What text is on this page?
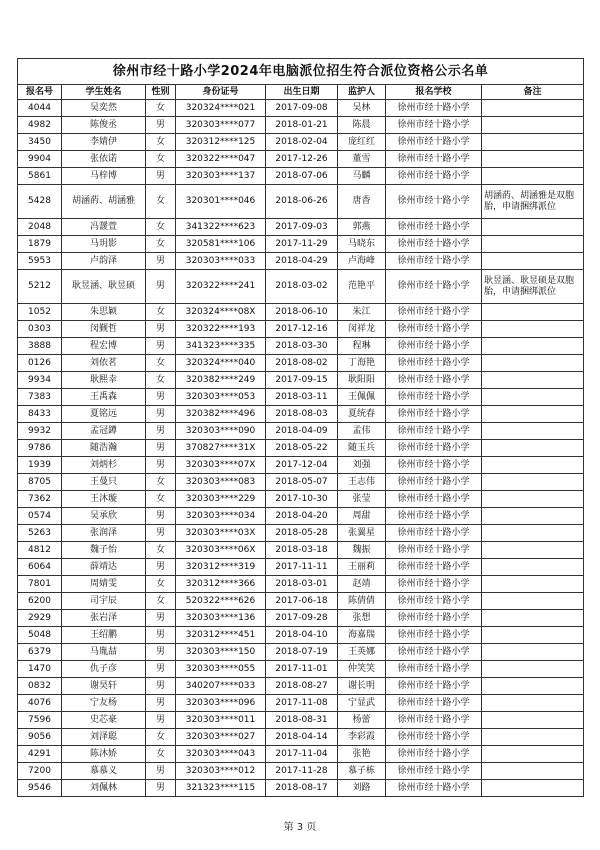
徐州市经十路小学2024年电脑派位招生符合派位资格公示名单							
报名号	学生姓名	性别	身份证号	出生日期	监护人	报名学校	备注
4044	吴奕然	女	320324****021	2017-09-08	吴林	徐州市经十路小学	
4982	陈俊丞	男	320303****077	2018-01-21	陈晨	徐州市经十路小学	
3450	李婧伊	女	320312****125	2018-02-04	庞红红	徐州市经十路小学	
9904	张依诺	女	320322****047	2017-12-26	董雪	徐州市经十路小学	
5861	马梓博	男	320303****137	2018-07-06	马麟	徐州市经十路小学	
5428	胡涵菂、胡涵雅	女	320301****046	2018-06-26	唐香	徐州市经十路小学	胡涵菂、胡涵雅是双胞胎，申请捆绑派位
2048	冯靉萱	女	341322****623	2017-09-03	郭燕	徐州市经十路小学	
1879	马玥影	女	320581****106	2017-11-29	马晓东	徐州市经十路小学	
5953	卢韵泽	男	320303****033	2018-04-29	卢海峰	徐州市经十路小学	
5212	耿昱涵、耿昱硕	男	320322****241	2018-03-02	范艳平	徐州市经十路小学	耿昱涵、耿昱硕是双胞胎，申请捆绑派位
1052	朱思颖	女	320324****08X	2018-06-10	朱江	徐州市经十路小学	
0303	闵觐哲	男	320322****193	2017-12-16	闵祥龙	徐州市经十路小学	
3888	程宏博	男	341323****335	2018-03-30	程琳	徐州市经十路小学	
0126	刘依茗	女	320324****040	2018-08-02	丁海艳	徐州市经十路小学	
9934	耿熙幸	女	320382****249	2017-09-15	耿阳阳	徐州市经十路小学	
7383	王禹森	男	320303****053	2018-03-11	王佩佩	徐州市经十路小学	
8433	夏铭远	男	320382****496	2018-08-03	夏统春	徐州市经十路小学	
9932	孟冠鐏	男	320303****090	2018-04-09	孟伟	徐州市经十路小学	
9786	随浩瀚	男	370827****31X	2018-05-22	随玉兵	徐州市经十路小学	
1939	刘炳杉	男	320303****07X	2017-12-04	刘强	徐州市经十路小学	
8705	王曼只	女	320303****083	2018-05-07	王志伟	徐州市经十路小学	
7362	王沐璇	女	320303****229	2017-10-30	张莹	徐州市经十路小学	
0574	吴承欣	男	320303****034	2018-04-20	周甜	徐州市经十路小学	
5263	张润泽	男	320303****03X	2018-05-28	张翼星	徐州市经十路小学	
4812	魏子怡	女	320303****06X	2018-03-18	魏振	徐州市经十路小学	
6064	薛靖达	男	320312****319	2017-11-11	王丽莉	徐州市经十路小学	
7801	周婧雯	女	320312****366	2018-03-01	赵靖	徐州市经十路小学	
6200	司宇辰	女	520322****626	2017-06-18	陈倩倩	徐州市经十路小学	
2929	张岩泽	男	320303****136	2017-09-28	张想	徐州市经十路小学	
5048	王绍鹏	男	320312****451	2018-04-10	海嘉瑞	徐州市经十路小学	
6379	马胤喆	男	320303****150	2018-07-19	王英娜	徐州市经十路小学	
1470	仇子彦	男	320303****055	2017-11-01	仲笑笑	徐州市经十路小学	
0832	谢昊轩	男	340207****033	2018-08-27	谢长明	徐州市经十路小学	
4076	宁友杨	男	320303****096	2017-11-08	宁显武	徐州市经十路小学	
7596	史芯豪	男	320303****011	2018-08-31	杨蕾	徐州市经十路小学	
9056	刘泽聪	女	320303****027	2018-04-14	李彩霞	徐州市经十路小学	
4291	陈沐娇	女	320303****043	2017-11-04	张艳	徐州市经十路小学	
7200	慕慕义	男	320303****012	2017-11-28	慕子栋	徐州市经十路小学	
9546	刘佩林	男	321323****115	2018-08-17	刘路	徐州市经十路小学	
第 3 页
